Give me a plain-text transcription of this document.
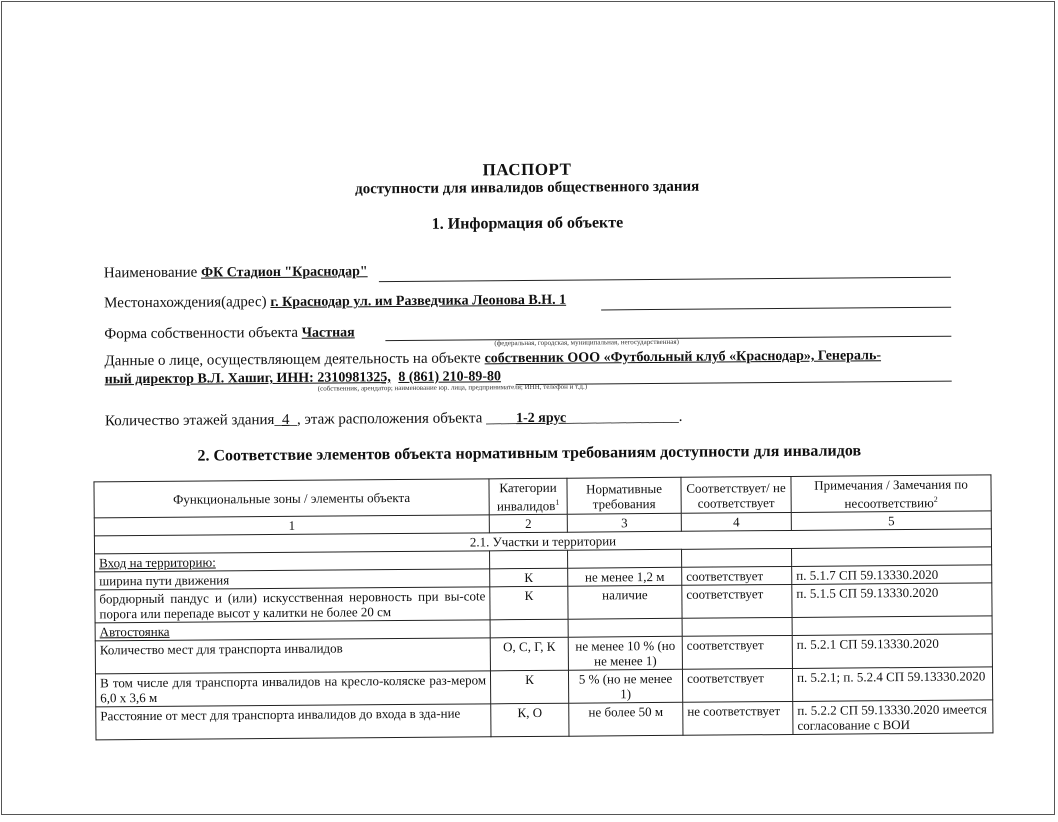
ПАСПОРТ
доступности для инвалидов общественного здания
1. Информация об объекте
Наименование ФК Стадион "Краснодар"
Местонахождения(адрес) г. Краснодар ул. им Разведчика Леонова В.Н. 1
Форма собственности объекта Частная
(федеральная, городская, муниципальная, негосударственная)
Данные о лице, осуществляющем деятельность на объекте собственник ООО «Футбольный клуб «Краснодар», Генераль-
ный директор В.Л. Хашиг, ИНН: 2310981325, 8 (861) 210-89-80
(собственник, арендатор; наименование юр. лица, предпринимателя; ИНН, телефон и т.д.)
Количество этажей здания_4_, этаж расположения объекта ____1-2 ярус_______________.
2. Соответствие элементов объекта нормативным требованиям доступности для инвалидов
Функциональные зоны / элементы объекта	Категории инвалидов$^1$	Нормативные требования	Соответствует/ не соответствует	Примечания / Замечания по несоответствию$^2$
1	2	3	4	5
2.1. Участки и территории				
Вход на территорию:				
ширина пути движения	К	не менее 1,2 м	соответствует	п. 5.1.7 СП 59.13330.2020
бордюрный пандус и (или) искусственная неровность при вы-сote порога или перепаде высот у калитки не более 20 см	К	наличие	соответствует	п. 5.1.5 СП 59.13330.2020
Автостоянка				
Количество мест для транспорта инвалидов	О, С, Г, К	не менее 10 % (но не менее 1)	соответствует	п. 5.2.1 СП 59.13330.2020
В том числе для транспорта инвалидов на кресло-коляске раз-мером 6,0 х 3,6 м	К	5 % (но не менее 1)	соответствует	п. 5.2.1; п. 5.2.4 СП 59.13330.2020
Расстояние от мест для транспорта инвалидов до входа в зда-ние	К, О	не более 50 м	не соответствует	п. 5.2.2 СП 59.13330.2020 имеется согласование с ВОИ
